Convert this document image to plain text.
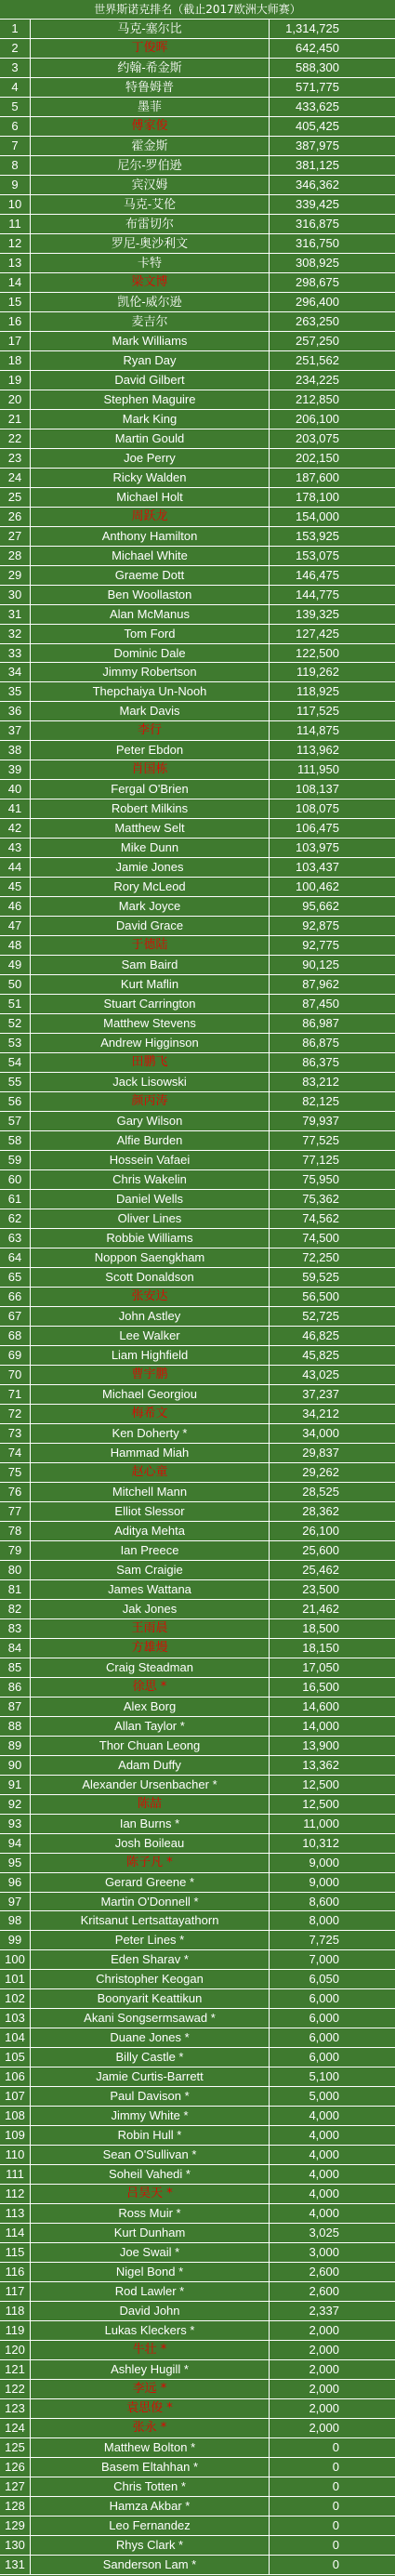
世界斯诺克排名（截止2017欧洲大师赛）
1	马克-塞尔比	1,314,725
2	丁俊晖	642,450
3	约翰-希金斯	588,300
4	特鲁姆普	571,775
5	墨菲	433,625
6	傅家俊	405,425
7	霍金斯	387,975
8	尼尔-罗伯逊	381,125
9	宾汉姆	346,362
10	马克-艾伦	339,425
11	布雷切尔	316,875
12	罗尼-奥沙利文	316,750
13	卡特	308,925
14	梁文博	298,675
15	凯伦-威尔逊	296,400
16	麦吉尔	263,250
17	Mark Williams	257,250
18	Ryan Day	251,562
19	David Gilbert	234,225
20	Stephen Maguire	212,850
21	Mark King	206,100
22	Martin Gould	203,075
23	Joe Perry	202,150
24	Ricky Walden	187,600
25	Michael Holt	178,100
26	周跃龙	154,000
27	Anthony Hamilton	153,925
28	Michael White	153,075
29	Graeme Dott	146,475
30	Ben Woollaston	144,775
31	Alan McManus	139,325
32	Tom Ford	127,425
33	Dominic Dale	122,500
34	Jimmy Robertson	119,262
35	Thepchaiya Un-Nooh	118,925
36	Mark Davis	117,525
37	李行	114,875
38	Peter Ebdon	113,962
39	肖国栋	111,950
40	Fergal O'Brien	108,137
41	Robert Milkins	108,075
42	Matthew Selt	106,475
43	Mike Dunn	103,975
44	Jamie Jones	103,437
45	Rory McLeod	100,462
46	Mark Joyce	95,662
47	David Grace	92,875
48	于德陆	92,775
49	Sam Baird	90,125
50	Kurt Maflin	87,962
51	Stuart Carrington	87,450
52	Matthew Stevens	86,987
53	Andrew Higginson	86,875
54	田鹏飞	86,375
55	Jack Lisowski	83,212
56	颜丙涛	82,125
57	Gary Wilson	79,937
58	Alfie Burden	77,525
59	Hossein Vafaei	77,125
60	Chris Wakelin	75,950
61	Daniel Wells	75,362
62	Oliver Lines	74,562
63	Robbie Williams	74,500
64	Noppon Saengkham	72,250
65	Scott Donaldson	59,525
66	张安达	56,500
67	John Astley	52,725
68	Lee Walker	46,825
69	Liam Highfield	45,825
70	曹宇鹏	43,025
71	Michael Georgiou	37,237
72	梅希文	34,212
73	Ken Doherty *	34,000
74	Hammad Miah	29,837
75	赵心童	29,262
76	Mitchell Mann	28,525
77	Elliot Slessor	28,362
78	Aditya Mehta	26,100
79	Ian Preece	25,600
80	Sam Craigie	25,462
81	James Wattana	23,500
82	Jak Jones	21,462
83	王雨晨	18,500
84	方雄熳	18,150
85	Craig Steadman	17,050
86	徐思 *	16,500
87	Alex Borg	14,600
88	Allan Taylor *	14,000
89	Thor Chuan Leong	13,900
90	Adam Duffy	13,362
91	Alexander Ursenbacher *	12,500
92	陈喆	12,500
93	Ian Burns *	11,000
94	Josh Boileau	10,312
95	陈子凡 *	9,000
96	Gerard Greene *	9,000
97	Martin O'Donnell *	8,600
98	Kritsanut Lertsattayathorn	8,000
99	Peter Lines *	7,725
100	Eden Sharav *	7,000
101	Christopher Keogan	6,050
102	Boonyarit Keattikun	6,000
103	Akani Songsermsawad *	6,000
104	Duane Jones *	6,000
105	Billy Castle *	6,000
106	Jamie Curtis-Barrett	5,100
107	Paul Davison *	5,000
108	Jimmy White *	4,000
109	Robin Hull *	4,000
110	Sean O'Sullivan *	4,000
111	Soheil Vahedi *	4,000
112	吕昊天 *	4,000
113	Ross Muir *	4,000
114	Kurt Dunham	3,025
115	Joe Swail *	3,000
116	Nigel Bond *	2,600
117	Rod Lawler *	2,600
118	David John	2,337
119	Lukas Kleckers *	2,000
120	牛壮 *	2,000
121	Ashley Hugill *	2,000
122	李远 *	2,000
123	袁思俊 *	2,000
124	张永 *	2,000
125	Matthew Bolton *	0
126	Basem Eltahhan *	0
127	Chris Totten *	0
128	Hamza Akbar *	0
129	Leo Fernandez	0
130	Rhys Clark *	0
131	Sanderson Lam *	0
